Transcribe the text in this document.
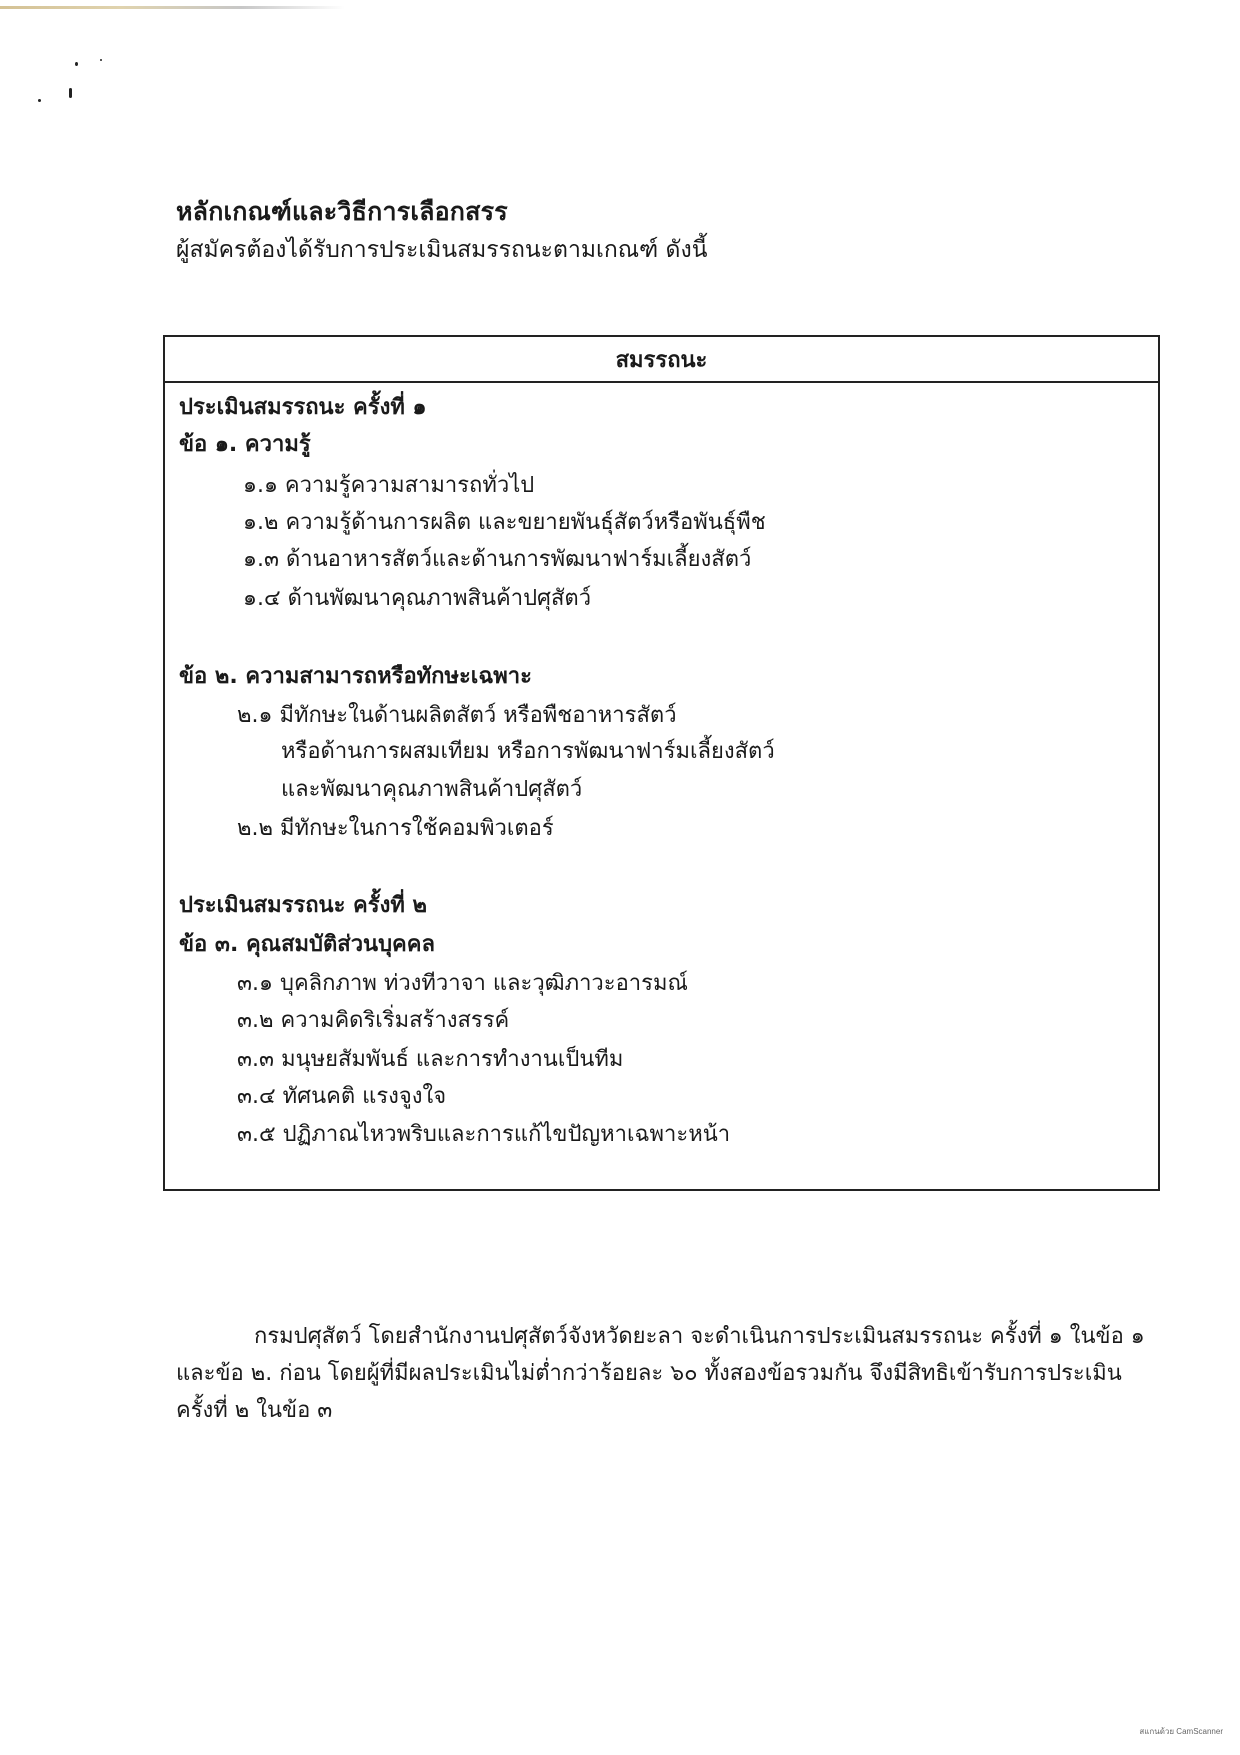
หลักเกณฑ์และวิธีการเลือกสรร
ผู้สมัครต้องได้รับการประเมินสมรรถนะตามเกณฑ์ ดังนี้
สมรรถนะ
ประเมินสมรรถนะ ครั้งที่ ๑
ข้อ ๑. ความรู้
๑.๑ ความรู้ความสามารถทั่วไป
๑.๒ ความรู้ด้านการผลิต และขยายพันธุ์สัตว์หรือพันธุ์พืช
๑.๓ ด้านอาหารสัตว์และด้านการพัฒนาฟาร์มเลี้ยงสัตว์
๑.๔ ด้านพัฒนาคุณภาพสินค้าปศุสัตว์
ข้อ ๒. ความสามารถหรือทักษะเฉพาะ
๒.๑ มีทักษะในด้านผลิตสัตว์ หรือพืชอาหารสัตว์
หรือด้านการผสมเทียม หรือการพัฒนาฟาร์มเลี้ยงสัตว์
และพัฒนาคุณภาพสินค้าปศุสัตว์
๒.๒ มีทักษะในการใช้คอมพิวเตอร์
ประเมินสมรรถนะ ครั้งที่ ๒
ข้อ ๓. คุณสมบัติส่วนบุคคล
๓.๑ บุคลิกภาพ ท่วงทีวาจา และวุฒิภาวะอารมณ์
๓.๒ ความคิดริเริ่มสร้างสรรค์
๓.๓ มนุษยสัมพันธ์ และการทำงานเป็นทีม
๓.๔ ทัศนคติ แรงจูงใจ
๓.๕ ปฏิภาณไหวพริบและการแก้ไขปัญหาเฉพาะหน้า
กรมปศุสัตว์ โดยสำนักงานปศุสัตว์จังหวัดยะลา จะดำเนินการประเมินสมรรถนะ ครั้งที่ ๑ ในข้อ ๑
และข้อ ๒. ก่อน โดยผู้ที่มีผลประเมินไม่ต่ำกว่าร้อยละ ๖๐ ทั้งสองข้อรวมกัน จึงมีสิทธิเข้ารับการประเมิน
ครั้งที่ ๒ ในข้อ ๓
สแกนด้วย CamScanner
